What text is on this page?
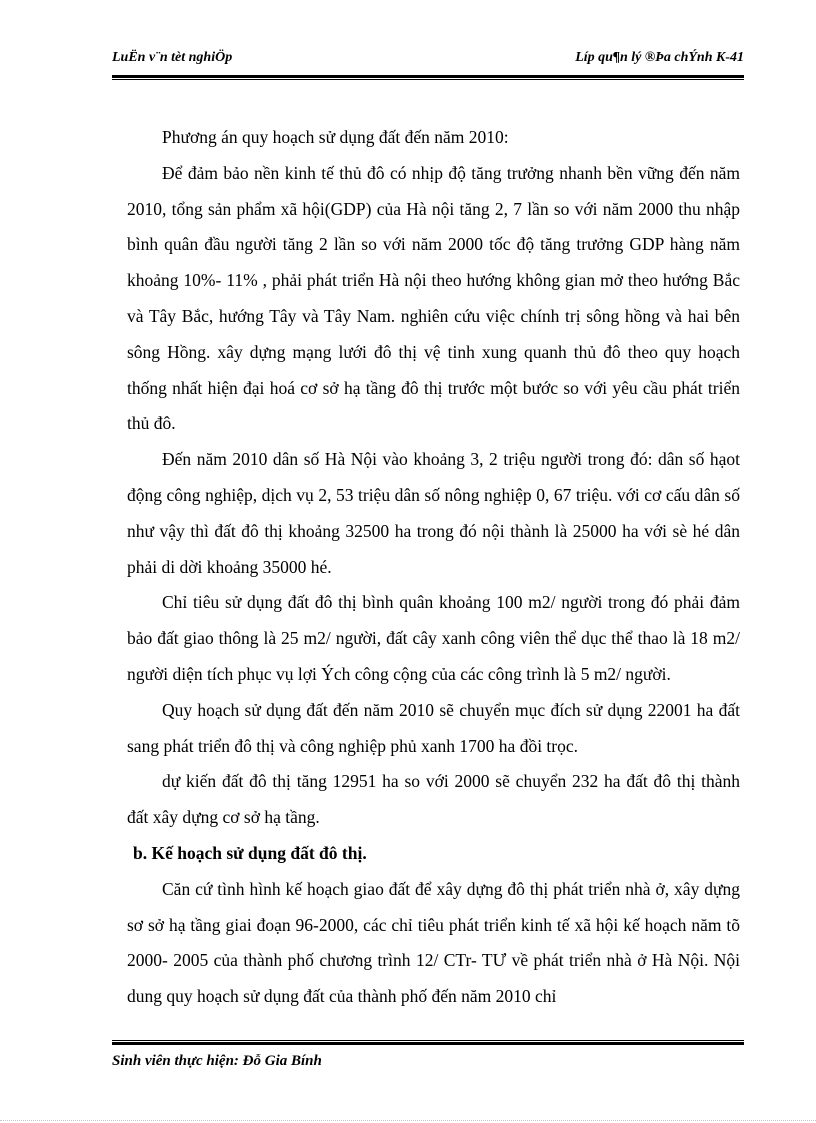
LuËn v¨n tèt nghiÖp	Líp qu¶n lý ®Þa chÝnh K-41

Phương án quy hoạch sử dụng đất đến năm 2010:

Để đảm bảo nền kinh tế thủ đô có nhịp độ tăng trưởng nhanh bền vững đến năm 2010, tổng sản phẩm xã hội(GDP) của Hà nội tăng 2, 7 lần so với năm 2000 thu nhập bình quân đầu người tăng 2 lần so với năm 2000 tốc độ tăng trưởng GDP hàng năm khoảng 10%- 11% , phải phát triển Hà nội theo hướng không gian mở theo hướng Bắc và Tây Bắc, hướng Tây và Tây Nam. nghiên cứu việc chính trị sông hồng và hai bên sông Hồng. xây dựng mạng lưới đô thị vệ tinh xung quanh thủ đô theo quy hoạch thống nhất hiện đại hoá cơ sở hạ tầng đô thị trước một bước so với yêu cầu phát triển thủ đô.

Đến năm 2010 dân số Hà Nội vào khoảng 3, 2 triệu người trong đó: dân số hạot động công nghiệp, dịch vụ 2, 53 triệu dân số nông nghiệp 0, 67 triệu. với cơ cấu dân số như vậy thì đất đô thị khoảng 32500 ha trong đó nội thành là 25000 ha với sè hé dân phải di dời khoảng 35000 hé.

Chỉ tiêu sử dụng đất đô thị bình quân khoảng 100 m2/ người trong đó phải đảm bảo đất giao thông là 25 m2/ người, đất cây xanh công viên thể dục thể thao là 18 m2/ người diện tích phục vụ lợi Ých công cộng của các công trình là 5 m2/ người.

Quy hoạch sử dụng đất đến năm 2010 sẽ chuyển mục đích sử dụng 22001 ha đất sang phát triển đô thị và công nghiệp phủ xanh 1700 ha đồi trọc.

dự kiến đất đô thị tăng 12951 ha so với 2000 sẽ chuyển 232 ha đất đô thị thành đất xây dựng cơ sở hạ tầng.

b. Kế hoạch sử dụng đất đô thị.

Căn cứ tình hình kế hoạch giao đất để xây dựng đô thị phát triển nhà ở, xây dựng sơ sở hạ tầng giai đoạn 96-2000, các chỉ tiêu phát triển kinh tế xã hội kế hoạch năm tõ 2000- 2005 của thành phố chương trình 12/ CTr- TƯ về phát triển nhà ở Hà Nội. Nội dung quy hoạch sử dụng đất của thành phố đến năm 2010 chỉ

Sinh viên thực hiện: Đỗ Gia Bính
